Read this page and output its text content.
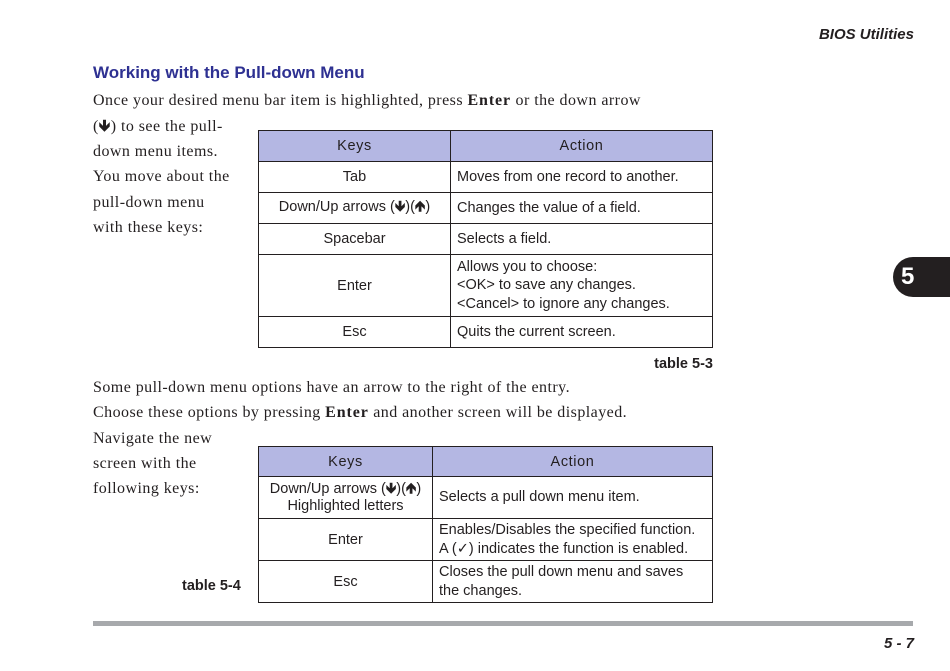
BIOS Utilities
Working with the Pull-down Menu
Once your desired menu bar item is highlighted, press Enter or the down arrow
(🡻) to see the pull-
down menu items.
You move about the
pull-down menu
with these keys:
Keys	Action
Tab	Moves from one record to another.
Down/Up arrows (🡻)(🡹)	Changes the value of a field.
Spacebar	Selects a field.
Enter	Allows you to choose:
<OK> to save any changes.
<Cancel> to ignore any changes.

Esc	Quits the current screen.
table 5-3
Some pull-down menu options have an arrow to the right of the entry.
Choose these options by pressing Enter and another screen will be displayed.
Navigate the new
screen with the
following keys:
Keys	Action

Down/Up arrows (🡻)(🡹)
Highlighted letters	Selects a pull down menu item.
Enter	Enables/Disables the specified function.
A (✓) indicates the function is enabled.

Esc	Closes the pull down menu and saves
the changes.
table 5-4
5
5 - 7
